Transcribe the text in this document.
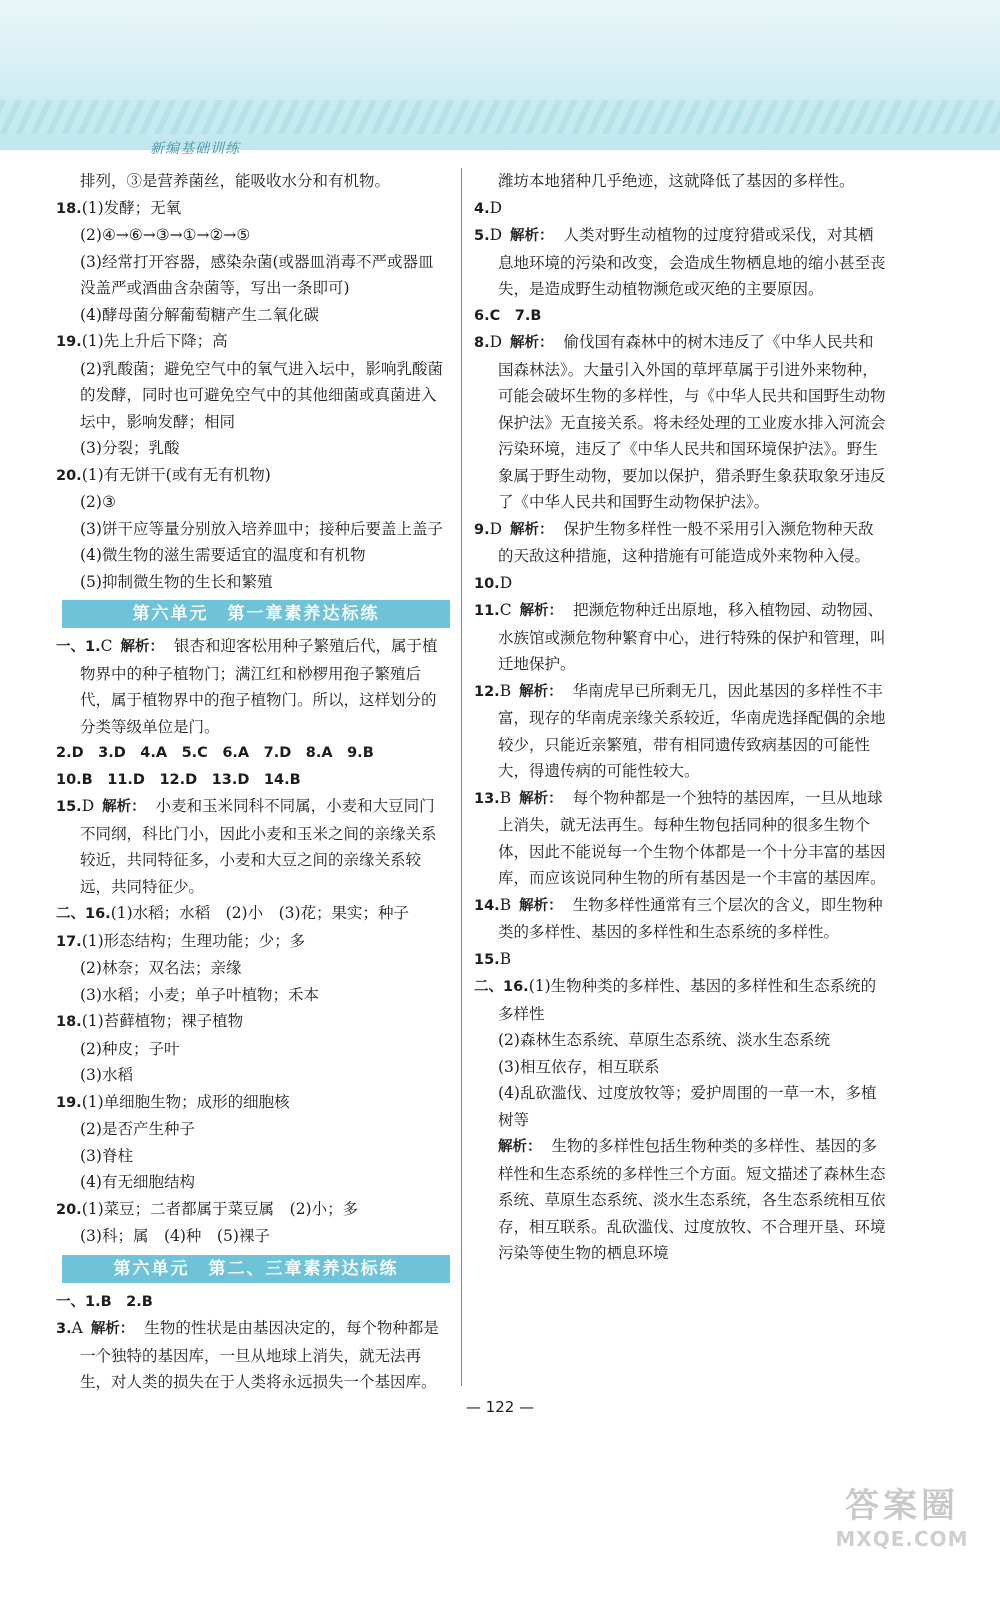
新编基础训练
排列，③是营养菌丝，能吸收水分和有机物。
18.(1)发酵；无氧
(2)④→⑥→③→①→②→⑤
(3)经常打开容器，感染杂菌(或器皿消毒不严或器皿没盖严或酒曲含杂菌等，写出一条即可)
(4)酵母菌分解葡萄糖产生二氧化碳
19.(1)先上升后下降；高
(2)乳酸菌；避免空气中的氧气进入坛中，影响乳酸菌的发酵，同时也可避免空气中的其他细菌或真菌进入坛中，影响发酵；相同
(3)分裂；乳酸
20.(1)有无饼干(或有无有机物)
(2)③
(3)饼干应等量分别放入培养皿中；接种后要盖上盖子
(4)微生物的滋生需要适宜的温度和有机物
(5)抑制微生物的生长和繁殖
第六单元　第一章素养达标练
一、1.C 解析： 银杏和迎客松用种子繁殖后代，属于植物界中的种子植物门；满江红和桫椤用孢子繁殖后代，属于植物界中的孢子植物门。所以，这样划分的分类等级单位是门。
2.D　3.D　4.A　5.C　6.A　7.D　8.A　9.B
10.B　11.D　12.D　13.D　14.B
15.D 解析： 小麦和玉米同科不同属，小麦和大豆同门不同纲，科比门小，因此小麦和玉米之间的亲缘关系较近，共同特征多，小麦和大豆之间的亲缘关系较远，共同特征少。
二、16.(1)水稻；水稻　(2)小　(3)花；果实；种子
17.(1)形态结构；生理功能；少；多
(2)林奈；双名法；亲缘
(3)水稻；小麦；单子叶植物；禾本
18.(1)苔藓植物；裸子植物
(2)种皮；子叶
(3)水稻
19.(1)单细胞生物；成形的细胞核
(2)是否产生种子
(3)脊柱
(4)有无细胞结构
20.(1)菜豆；二者都属于菜豆属　(2)小；多
(3)科；属　(4)种　(5)裸子
第六单元　第二、三章素养达标练
一、1.B　2.B
3.A 解析： 生物的性状是由基因决定的，每个物种都是一个独特的基因库，一旦从地球上消失，就无法再生，对人类的损失在于人类将永远损失一个基因库。
潍坊本地猪种几乎绝迹，这就降低了基因的多样性。
4.D
5.D 解析： 人类对野生动植物的过度狩猎或采伐，对其栖息地环境的污染和改变，会造成生物栖息地的缩小甚至丧失，是造成野生动植物濒危或灭绝的主要原因。
6.C　7.B
8.D 解析： 偷伐国有森林中的树木违反了《中华人民共和国森林法》。大量引入外国的草坪草属于引进外来物种，可能会破坏生物的多样性，与《中华人民共和国野生动物保护法》无直接关系。将未经处理的工业废水排入河流会污染环境，违反了《中华人民共和国环境保护法》。野生象属于野生动物，要加以保护，猎杀野生象获取象牙违反了《中华人民共和国野生动物保护法》。
9.D 解析： 保护生物多样性一般不采用引入濒危物种天敌的天敌这种措施，这种措施有可能造成外来物种入侵。
10.D
11.C 解析： 把濒危物种迁出原地，移入植物园、动物园、水族馆或濒危物种繁育中心，进行特殊的保护和管理，叫迁地保护。
12.B 解析： 华南虎早已所剩无几，因此基因的多样性不丰富，现存的华南虎亲缘关系较近，华南虎选择配偶的余地较少，只能近亲繁殖，带有相同遗传致病基因的可能性大，得遗传病的可能性较大。
13.B 解析： 每个物种都是一个独特的基因库，一旦从地球上消失，就无法再生。每种生物包括同种的很多生物个体，因此不能说每一个生物个体都是一个十分丰富的基因库，而应该说同种生物的所有基因是一个丰富的基因库。
14.B 解析： 生物多样性通常有三个层次的含义，即生物种类的多样性、基因的多样性和生态系统的多样性。
15.B
二、16.(1)生物种类的多样性、基因的多样性和生态系统的多样性
(2)森林生态系统、草原生态系统、淡水生态系统
(3)相互依存，相互联系
(4)乱砍滥伐、过度放牧等；爱护周围的一草一木，多植树等
解析： 生物的多样性包括生物种类的多样性、基因的多样性和生态系统的多样性三个方面。短文描述了森林生态系统、草原生态系统、淡水生态系统，各生态系统相互依存，相互联系。乱砍滥伐、过度放牧、不合理开垦、环境污染等使生物的栖息环境
— 122 —
答案圈
MXQE.COM
